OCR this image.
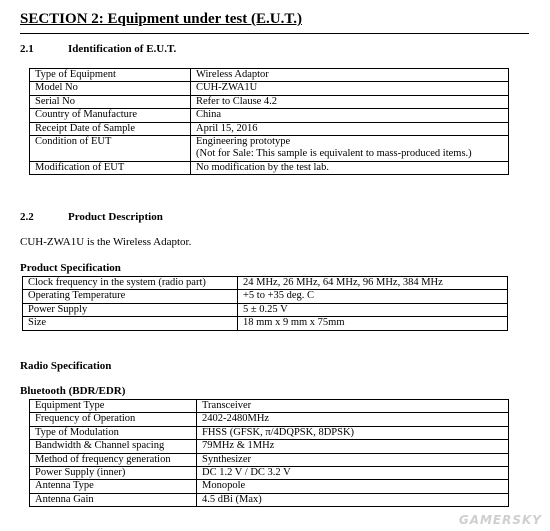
SECTION 2: Equipment under test (E.U.T.)
2.1	Identification of E.U.T.
Type of Equipment	Wireless Adaptor

Model No	CUH-ZWA1U

Serial No	Refer to Clause 4.2

Country of Manufacture	China

Receipt Date of Sample	April 15, 2016

Condition of EUT	Engineering prototype
(Not for Sale: This sample is equivalent to mass-produced items.)

Modification of EUT	No modification by the test lab.
2.2	Product Description
CUH-ZWA1U is the Wireless Adaptor.
Product Specification
Clock frequency in the system (radio part)	24 MHz, 26 MHz, 64 MHz, 96 MHz, 384 MHz
Operating Temperature	+5 to +35 deg. C
Power Supply	5 ± 0.25 V
Size	18 mm x 9 mm x 75mm
Radio Specification
Bluetooth (BDR/EDR)
Equipment Type	Transceiver
Frequency of Operation	2402-2480MHz
Type of Modulation	FHSS (GFSK, π/4DQPSK, 8DPSK)
Bandwidth & Channel spacing	79MHz & 1MHz
Method of frequency generation	Synthesizer
Power Supply (inner)	DC 1.2 V / DC 3.2 V
Antenna Type	Monopole
Antenna Gain	4.5 dBi (Max)
GAMERSKY
